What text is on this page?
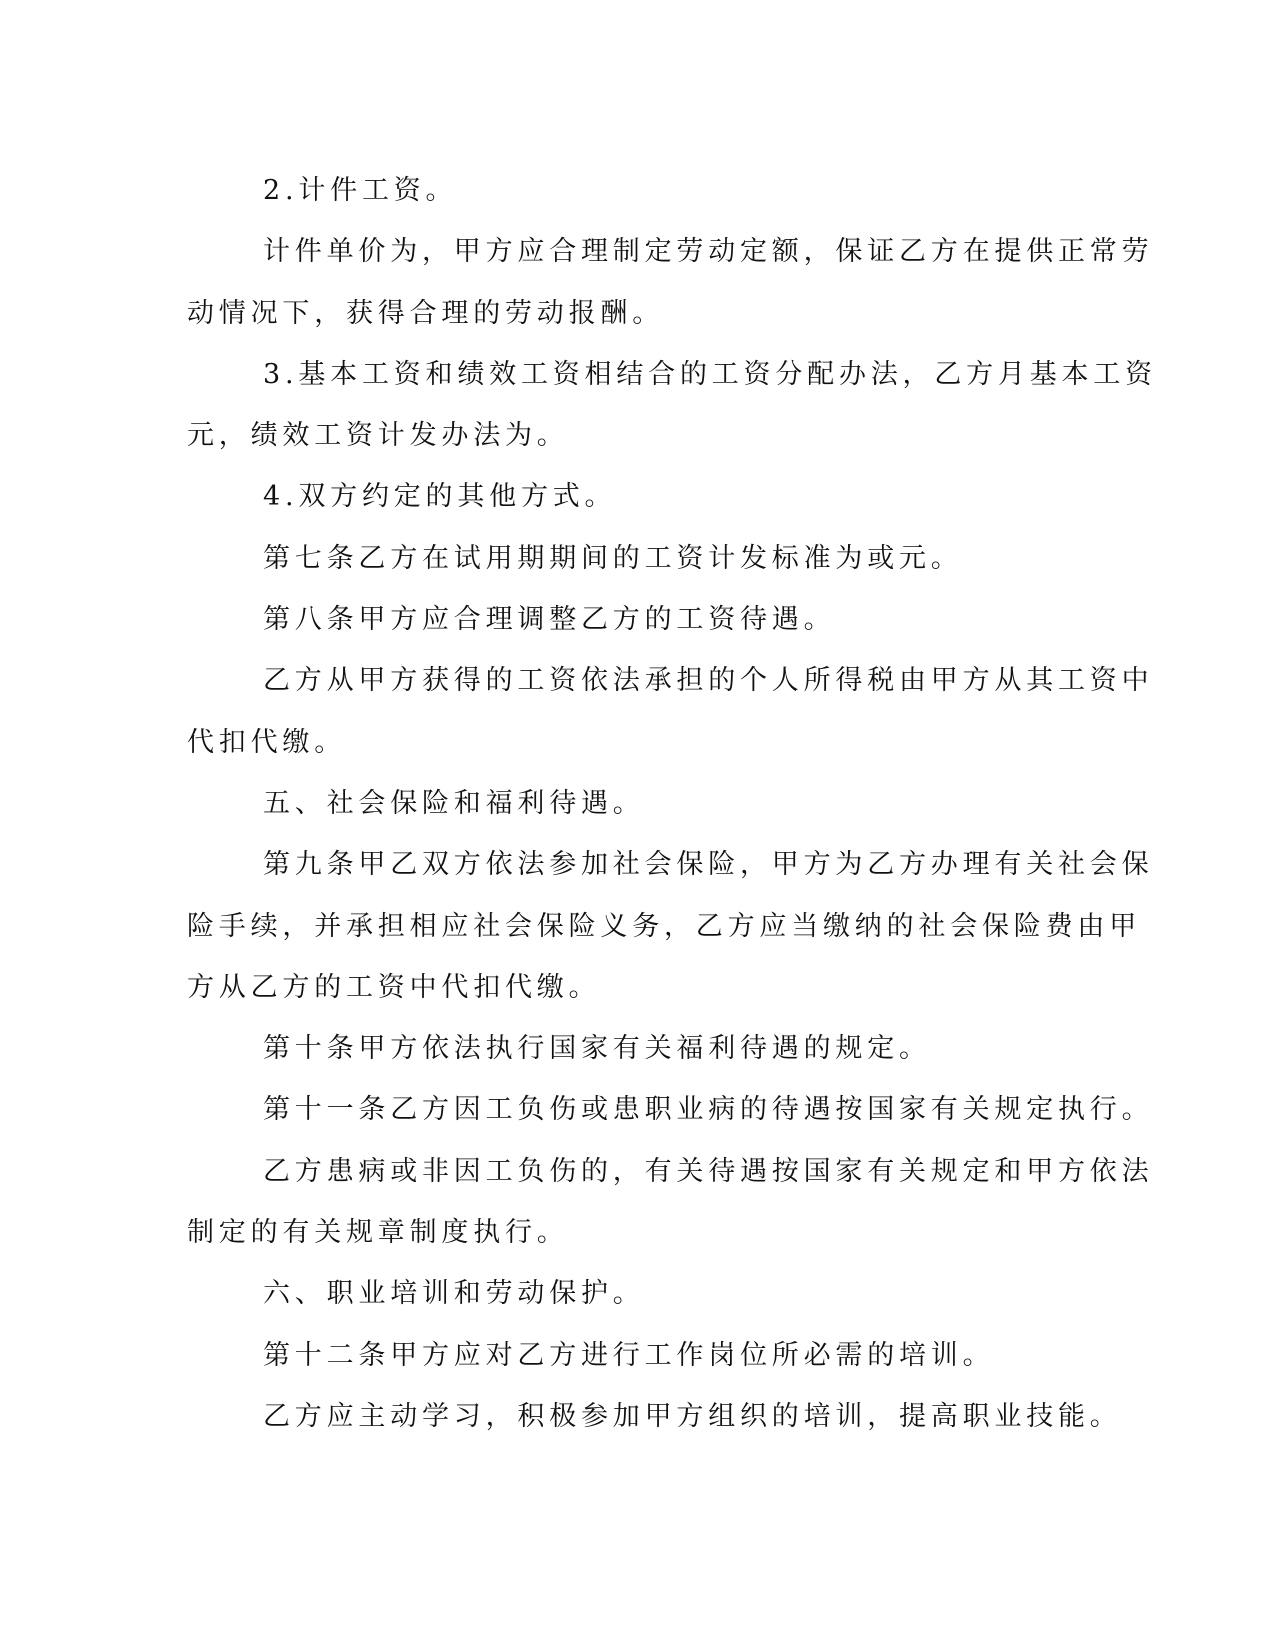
2.计件工资。
计件单价为，甲方应合理制定劳动定额，保证乙方在提供正常劳
动情况下，获得合理的劳动报酬。
3.基本工资和绩效工资相结合的工资分配办法，乙方月基本工资
元，绩效工资计发办法为。
4.双方约定的其他方式。
第七条乙方在试用期期间的工资计发标准为或元。
第八条甲方应合理调整乙方的工资待遇。
乙方从甲方获得的工资依法承担的个人所得税由甲方从其工资中
代扣代缴。
五、社会保险和福利待遇。
第九条甲乙双方依法参加社会保险，甲方为乙方办理有关社会保
险手续，并承担相应社会保险义务，乙方应当缴纳的社会保险费由甲
方从乙方的工资中代扣代缴。
第十条甲方依法执行国家有关福利待遇的规定。
第十一条乙方因工负伤或患职业病的待遇按国家有关规定执行。
乙方患病或非因工负伤的，有关待遇按国家有关规定和甲方依法
制定的有关规章制度执行。
六、职业培训和劳动保护。
第十二条甲方应对乙方进行工作岗位所必需的培训。
乙方应主动学习，积极参加甲方组织的培训，提高职业技能。
